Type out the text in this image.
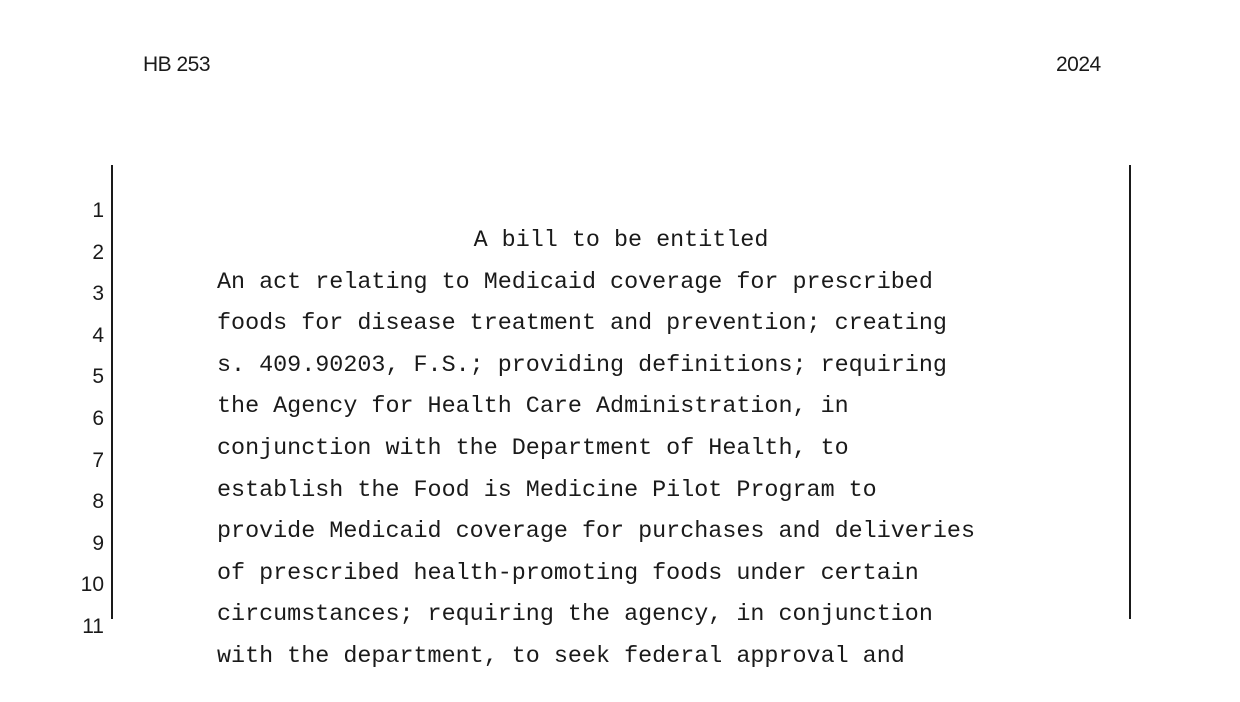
HB 253	2024

1

A bill to be entitled

2

An act relating to Medicaid coverage for prescribed

3

foods for disease treatment and prevention; creating

4

s. 409.90203, F.S.; providing definitions; requiring

5

the Agency for Health Care Administration, in

6

conjunction with the Department of Health, to

7

establish the Food is Medicine Pilot Program to

8

provide Medicaid coverage for purchases and deliveries

9

of prescribed health-promoting foods under certain

10

circumstances; requiring the agency, in conjunction

11

with the department, to seek federal approval and
